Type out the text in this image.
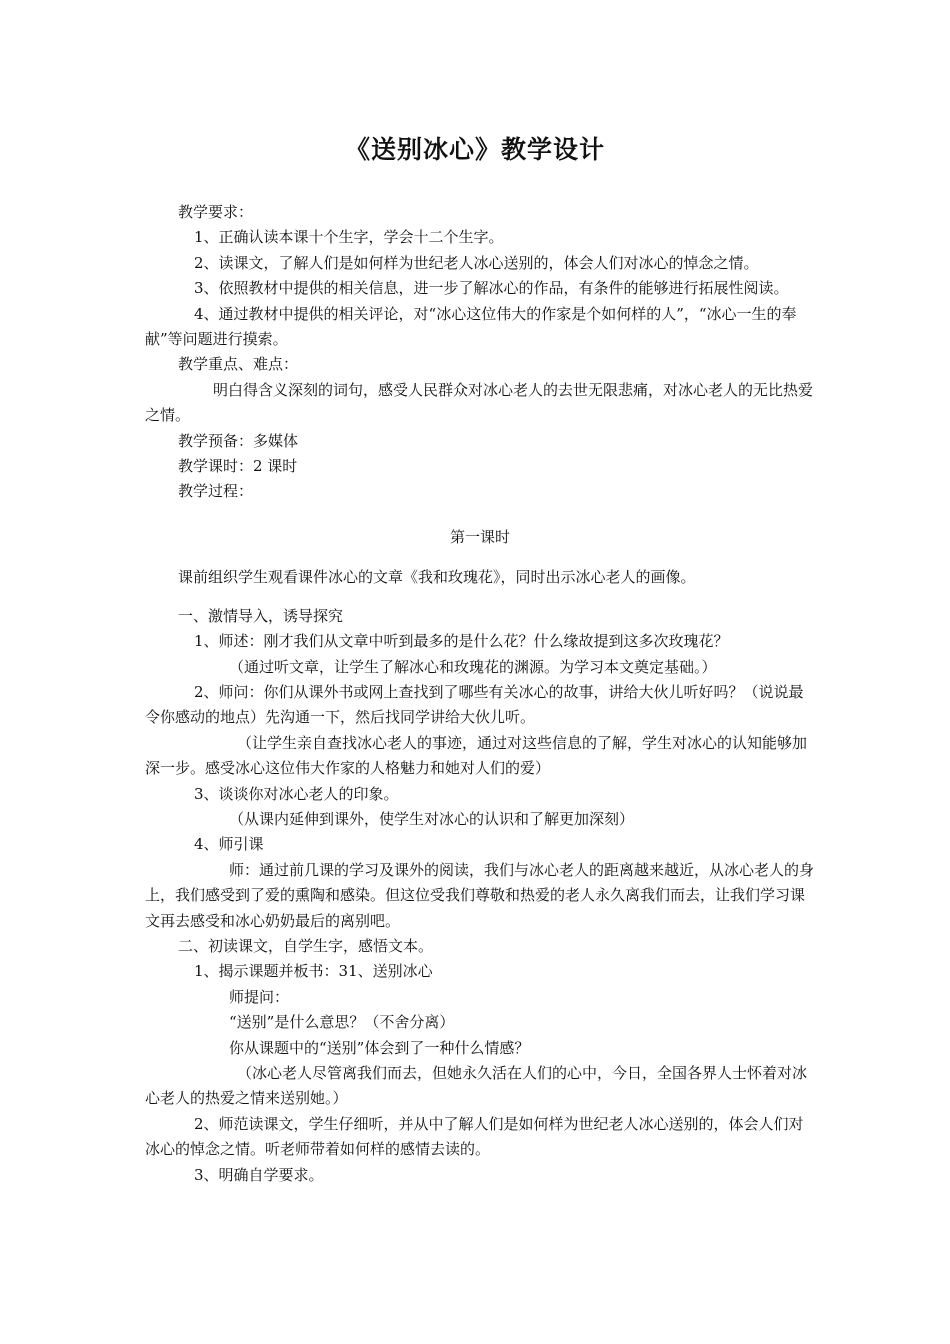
《送别冰心》教学设计

教学要求：

1、正确认读本课十个生字，学会十二个生字。

2、读课文，了解人们是如何样为世纪老人冰心送别的，体会人们对冰心的悼念之情。

3、依照教材中提供的相关信息，进一步了解冰心的作品，有条件的能够进行拓展性阅读。

4、通过教材中提供的相关评论，对“冰心这位伟大的作家是个如何样的人”，“冰心一生的奉献”等问题进行摸索。

教学重点、难点：

明白得含义深刻的词句，感受人民群众对冰心老人的去世无限悲痛，对冰心老人的无比热爱之情。

教学预备：多媒体

教学课时：2 课时

教学过程：

第一课时

课前组织学生观看课件冰心的文章《我和玫瑰花》，同时出示冰心老人的画像。

一、激情导入，诱导探究

1、师述：刚才我们从文章中听到最多的是什么花？什么缘故提到这多次玫瑰花？

（通过听文章，让学生了解冰心和玫瑰花的渊源。为学习本文奠定基础。）

2、师问：你们从课外书或网上查找到了哪些有关冰心的故事，讲给大伙儿听好吗？（说说最令你感动的地点）先沟通一下，然后找同学讲给大伙儿听。

（让学生亲自查找冰心老人的事迹，通过对这些信息的了解，学生对冰心的认知能够加深一步。感受冰心这位伟大作家的人格魅力和她对人们的爱）

3、谈谈你对冰心老人的印象。

（从课内延伸到课外，使学生对冰心的认识和了解更加深刻）

4、师引课

师：通过前几课的学习及课外的阅读，我们与冰心老人的距离越来越近，从冰心老人的身上，我们感受到了爱的熏陶和感染。但这位受我们尊敬和热爱的老人永久离我们而去，让我们学习课文再去感受和冰心奶奶最后的离别吧。

二、初读课文，自学生字，感悟文本。

1、揭示课题并板书：31、送别冰心

师提问：

“送别”是什么意思？（不舍分离）

你从课题中的“送别”体会到了一种什么情感？

（冰心老人尽管离我们而去，但她永久活在人们的心中，今日，全国各界人士怀着对冰心老人的热爱之情来送别她。）

2、师范读课文，学生仔细听，并从中了解人们是如何样为世纪老人冰心送别的，体会人们对冰心的悼念之情。听老师带着如何样的感情去读的。

3、明确自学要求。
